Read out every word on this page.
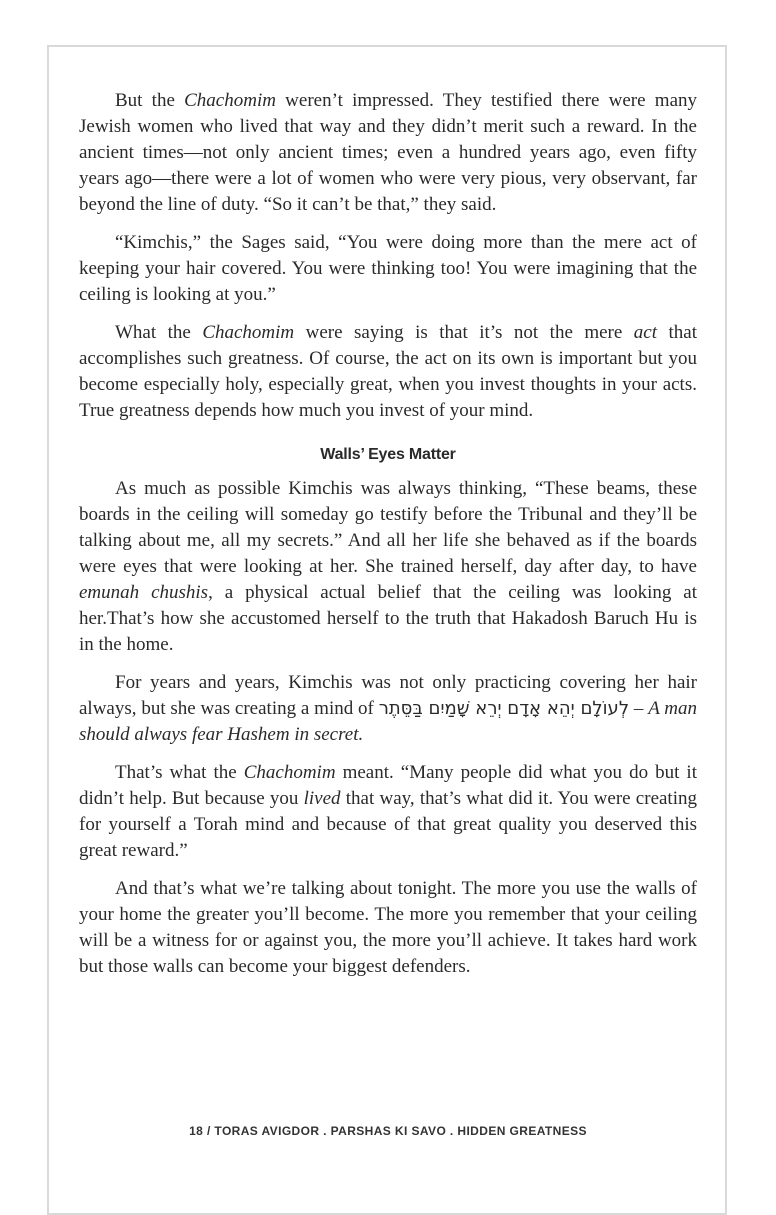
But the Chachomim weren’t impressed. They testified there were many Jewish women who lived that way and they didn’t merit such a reward. In the ancient times—not only ancient times; even a hundred years ago, even fifty years ago—there were a lot of women who were very pious, very observant, far beyond the line of duty. “So it can’t be that,” they said.

“Kimchis,” the Sages said, “You were doing more than the mere act of keeping your hair covered. You were thinking too! You were imagining that the ceiling is looking at you.”

What the Chachomim were saying is that it’s not the mere act that accomplishes such greatness. Of course, the act on its own is important but you become especially holy, especially great, when you invest thoughts in your acts. True greatness depends how much you invest of your mind.

Walls’ Eyes Matter

As much as possible Kimchis was always thinking, “These beams, these boards in the ceiling will someday go testify before the Tribunal and they’ll be talking about me, all my secrets.” And all her life she behaved as if the boards were eyes that were looking at her. She trained herself, day after day, to have emunah chushis, a physical actual belief that the ceiling was looking at her.That’s how she accustomed herself to the truth that Hakadosh Baruch Hu is in the home.

For years and years, Kimchis was not only practicing covering her hair always, but she was creating a mind of לְעוֹלָם יְהֵא אָדָם יְרֵא שָׁמַיִם בַּסֵּתֶר – A man should always fear Hashem in secret.

That’s what the Chachomim meant. “Many people did what you do but it didn’t help. But because you lived that way, that’s what did it. You were creating for yourself a Torah mind and because of that great quality you deserved this great reward.”

And that’s what we’re talking about tonight. The more you use the walls of your home the greater you’ll become. The more you remember that your ceiling will be a witness for or against you, the more you’ll achieve. It takes hard work but those walls can become your biggest defenders.

18 / TORAS AVIGDOR . PARSHAS KI SAVO . HIDDEN GREATNESS
